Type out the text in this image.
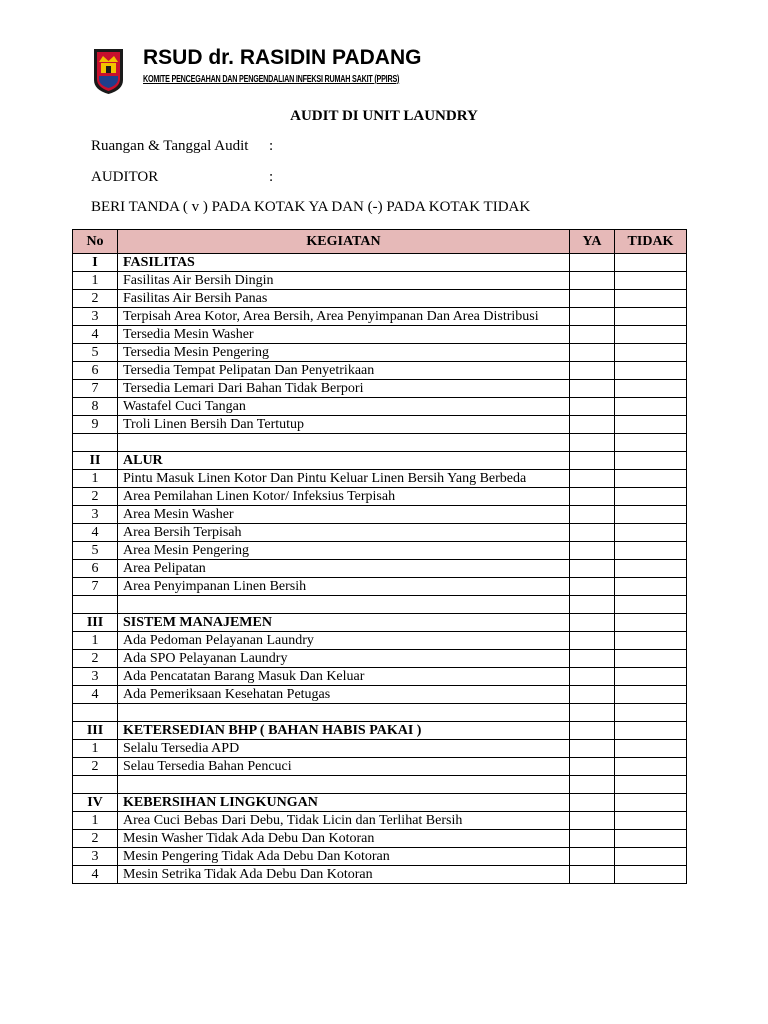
RSUD dr. RASIDIN PADANG
KOMITE PENCEGAHAN DAN PENGENDALIAN INFEKSI RUMAH SAKIT (PPIRS)
AUDIT DI UNIT LAUNDRY
Ruangan & Tanggal Audit :
AUDITOR	:
BERI TANDA ( v ) PADA KOTAK YA DAN (-) PADA KOTAK TIDAK
No	KEGIATAN	YA	TIDAK
I	FASILITAS		
1	Fasilitas Air Bersih Dingin		
2	Fasilitas Air Bersih Panas		
3	Terpisah Area Kotor, Area Bersih, Area Penyimpanan Dan Area Distribusi		
4	Tersedia Mesin Washer		
5	Tersedia Mesin Pengering		
6	Tersedia Tempat Pelipatan Dan Penyetrikaan		
7	Tersedia Lemari Dari Bahan Tidak Berpori		
8	Wastafel Cuci Tangan		
9	Troli Linen Bersih Dan Tertutup		

II	ALUR		
1	Pintu Masuk Linen Kotor Dan Pintu Keluar Linen Bersih Yang Berbeda		
2	Area Pemilahan Linen Kotor/ Infeksius Terpisah		
3	Area Mesin Washer		
4	Area Bersih Terpisah		
5	Area Mesin Pengering		
6	Area Pelipatan		
7	Area Penyimpanan Linen Bersih		

III	SISTEM MANAJEMEN		
1	Ada Pedoman Pelayanan Laundry		
2	Ada SPO Pelayanan Laundry		
3	Ada Pencatatan Barang Masuk Dan Keluar		
4	Ada Pemeriksaan Kesehatan Petugas		

III	KETERSEDIAN BHP ( BAHAN HABIS PAKAI )		
1	Selalu Tersedia APD		
2	Selau Tersedia Bahan Pencuci		

IV	KEBERSIHAN LINGKUNGAN		
1	Area Cuci Bebas Dari Debu, Tidak Licin dan Terlihat Bersih		
2	Mesin Washer Tidak Ada Debu Dan Kotoran		
3	Mesin Pengering Tidak Ada Debu Dan Kotoran		
4	Mesin Setrika Tidak Ada Debu Dan Kotoran		
